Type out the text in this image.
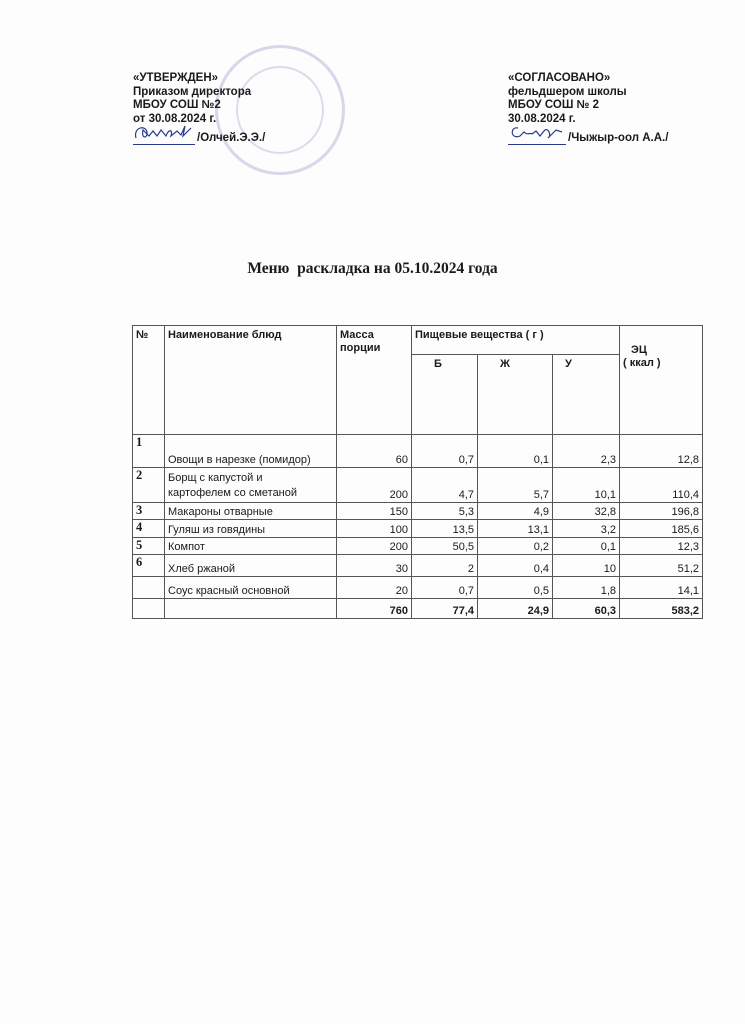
«УТВЕРЖДЕН»
Приказом директора
МБОУ СОШ №2
от 30.08.2024 г.
/Олчей.Э.Э./
«СОГЛАСОВАНО»
фельдшером школы
МБОУ СОШ № 2
30.08.2024 г.
/Чыжыр-оол А.А./
Меню  раскладка на 05.10.2024 года
№	Наименование блюд	Масса порции	Пищевые вещества ( г )			ЭЦ
( ккал )

			Б	Ж	У	
1	Овощи в нарезке (помидор)	60	0,7	0,1	2,3	12,8
2	Борщ с капустой и
картофелем со сметаной	200	4,7	5,7	10,1	110,4
3	Макароны отварные	150	5,3	4,9	32,8	196,8
4	Гуляш из говядины	100	13,5	13,1	3,2	185,6
5	Компот	200	50,5	0,2	0,1	12,3
6	Хлеб ржаной	30	2	0,4	10	51,2
	Соус красный основной	20	0,7	0,5	1,8	14,1
		760	77,4	24,9	60,3	583,2
